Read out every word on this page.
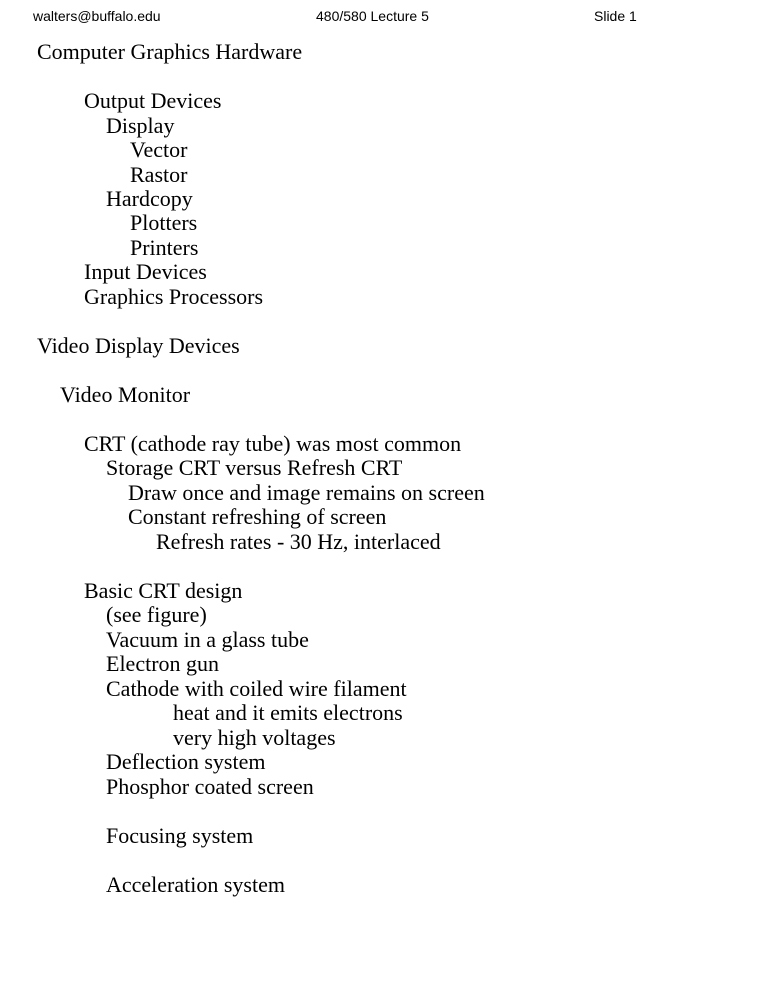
walters@buffalo.edu	480/580 Lecture 5	Slide 1
Computer Graphics Hardware
Output Devices
Display
Vector
Rastor
Hardcopy
Plotters
Printers
Input Devices
Graphics Processors
Video Display Devices
Video Monitor
CRT (cathode ray tube) was most common
Storage CRT versus Refresh CRT
Draw once and image remains on screen
Constant refreshing of screen
Refresh rates - 30 Hz, interlaced
Basic CRT design
(see figure)
Vacuum in a glass tube
Electron gun
Cathode with coiled wire filament
heat and it emits electrons
very high voltages
Deflection system
Phosphor coated screen
Focusing system
Acceleration system
